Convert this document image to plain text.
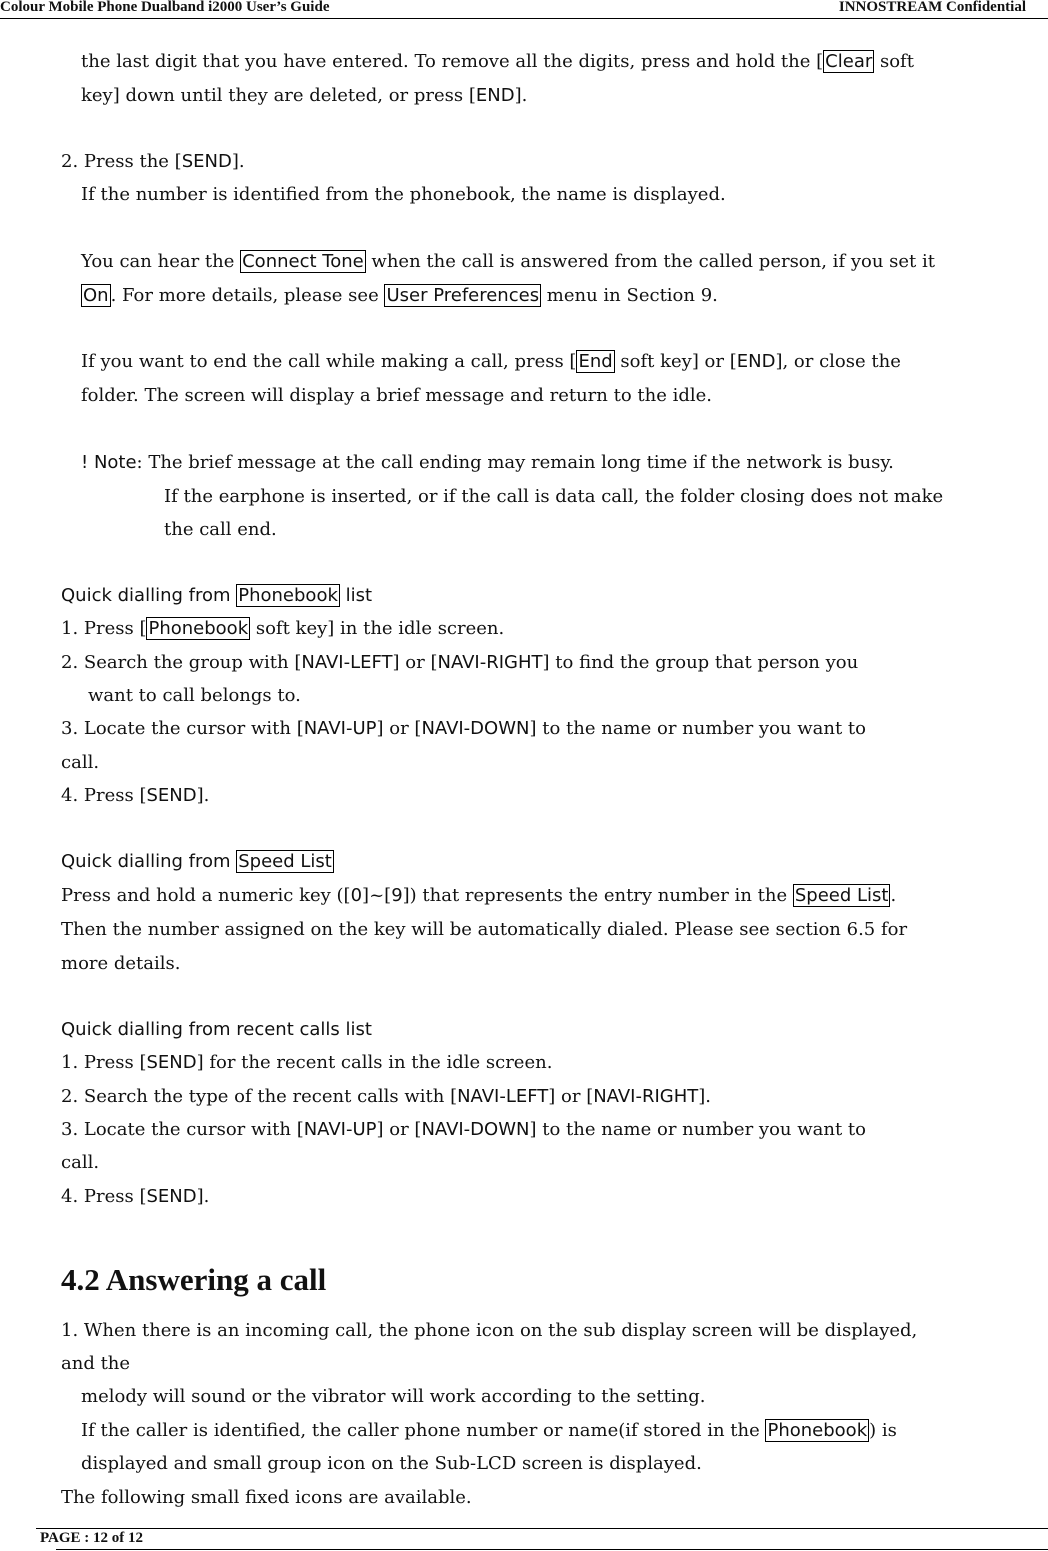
Colour Mobile Phone Dualband i2000 User’s Guide	INNOSTREAM Confidential
the last digit that you have entered. To remove all the digits, press and hold the [ Clear soft
key] down until they are deleted, or press [END].
2. Press the [SEND].
If the number is identified from the phonebook, the name is displayed.
You can hear the Connect Tone when the call is answered from the called person, if you set it
On . For more details, please see User Preferences menu in Section 9.
If you want to end the call while making a call, press [ End soft key] or [END], or close the
folder. The screen will display a brief message and return to the idle.
! Note: The brief message at the call ending may remain long time if the network is busy.
If the earphone is inserted, or if the call is data call, the folder closing does not make
the call end.
Quick dialling from Phonebook list
1. Press [ Phonebook soft key] in the idle screen.
2. Search the group with [NAVI-LEFT] or [NAVI-RIGHT] to find the group that person you
want to call belongs to.
3. Locate the cursor with [NAVI-UP] or [NAVI-DOWN] to the name or number you want to
call.
4. Press [SEND].
Quick dialling from Speed List
Press and hold a numeric key ([0]~[9]) that represents the entry number in the Speed List .
Then the number assigned on the key will be automatically dialed. Please see section 6.5 for
more details.
Quick dialling from recent calls list
1. Press [SEND] for the recent calls in the idle screen.
2. Search the type of the recent calls with [NAVI-LEFT] or [NAVI-RIGHT].
3. Locate the cursor with [NAVI-UP] or [NAVI-DOWN] to the name or number you want to
call.
4. Press [SEND].
4.2 Answering a call
1. When there is an incoming call, the phone icon on the sub display screen will be displayed,
and the
melody will sound or the vibrator will work according to the setting.
If the caller is identified, the caller phone number or name(if stored in the Phonebook ) is
displayed and small group icon on the Sub-LCD screen is displayed.
The following small fixed icons are available.
PAGE : 12 of 12
